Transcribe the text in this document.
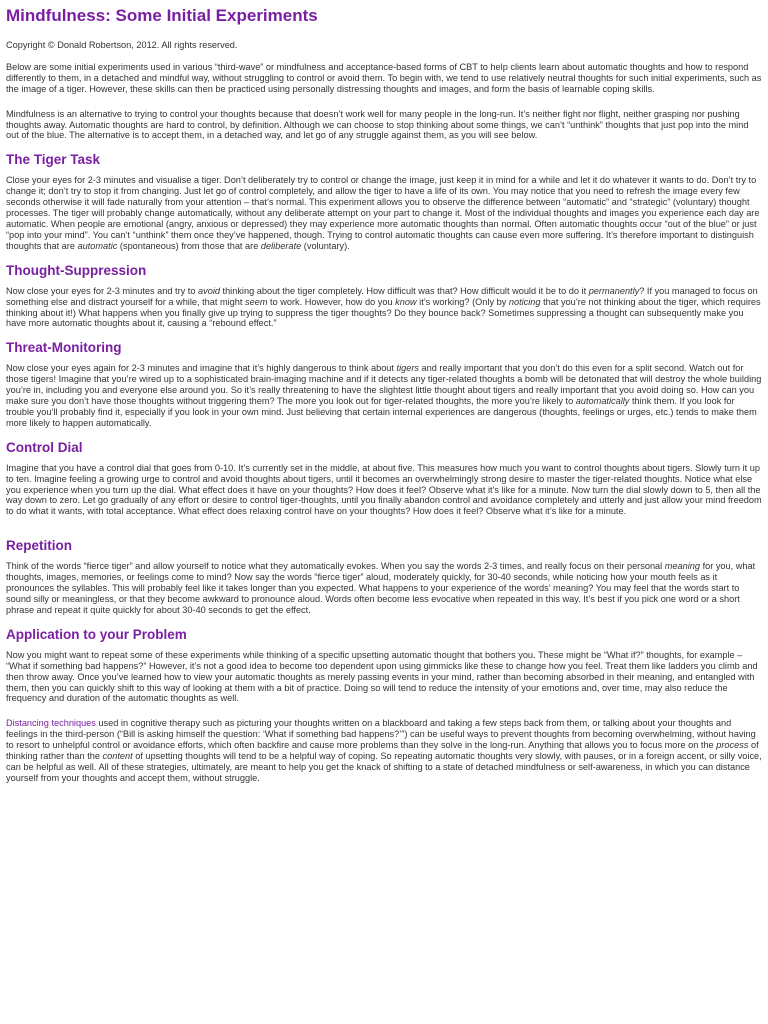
Mindfulness: Some Initial Experiments

Copyright © Donald Robertson, 2012. All rights reserved.

Below are some initial experiments used in various “third-wave” or mindfulness and acceptance-based forms of CBT to help clients learn about automatic thoughts and how to respond differently to them, in a detached and mindful way, without struggling to control or avoid them. To begin with, we tend to use relatively neutral thoughts for such initial experiments, such as the image of a tiger. However, these skills can then be practiced using personally distressing thoughts and images, and form the basis of learnable coping skills.

Mindfulness is an alternative to trying to control your thoughts because that doesn’t work well for many people in the long-run. It’s neither fight nor flight, neither grasping nor pushing thoughts away. Automatic thoughts are hard to control, by definition. Although we can choose to stop thinking about some things, we can’t “unthink” thoughts that just pop into the mind out of the blue. The alternative is to accept them, in a detached way, and let go of any struggle against them, as you will see below.

The Tiger Task

Close your eyes for 2-3 minutes and visualise a tiger. Don’t deliberately try to control or change the image, just keep it in mind for a while and let it do whatever it wants to do. Don’t try to change it; don’t try to stop it from changing. Just let go of control completely, and allow the tiger to have a life of its own. You may notice that you need to refresh the image every few seconds otherwise it will fade naturally from your attention – that’s normal. This experiment allows you to observe the difference between “automatic” and “strategic” (voluntary) thought processes. The tiger will probably change automatically, without any deliberate attempt on your part to change it. Most of the individual thoughts and images you experience each day are automatic. When people are emotional (angry, anxious or depressed) they may experience more automatic thoughts than normal. Often automatic thoughts occur “out of the blue” or just “pop into your mind”. You can’t “unthink” them once they’ve happened, though. Trying to control automatic thoughts can cause even more suffering. It’s therefore important to distinguish thoughts that are automatic (spontaneous) from those that are deliberate (voluntary).

Thought-Suppression

Now close your eyes for 2-3 minutes and try to avoid thinking about the tiger completely. How difficult was that? How difficult would it be to do it permanently? If you managed to focus on something else and distract yourself for a while, that might seem to work. However, how do you know it’s working? (Only by noticing that you’re not thinking about the tiger, which requires thinking about it!) What happens when you finally give up trying to suppress the tiger thoughts? Do they bounce back? Sometimes suppressing a thought can subsequently make you have more automatic thoughts about it, causing a “rebound effect.”

Threat-Monitoring

Now close your eyes again for 2-3 minutes and imagine that it’s highly dangerous to think about tigers and really important that you don’t do this even for a split second. Watch out for those tigers! Imagine that you’re wired up to a sophisticated brain-imaging machine and if it detects any tiger-related thoughts a bomb will be detonated that will destroy the whole building you’re in, including you and everyone else around you. So it’s really threatening to have the slightest little thought about tigers and really important that you avoid doing so. How can you make sure you don’t have those thoughts without triggering them? The more you look out for tiger-related thoughts, the more you’re likely to automatically think them. If you look for trouble you’ll probably find it, especially if you look in your own mind. Just believing that certain internal experiences are dangerous (thoughts, feelings or urges, etc.) tends to make them more likely to happen automatically.

Control Dial

Imagine that you have a control dial that goes from 0-10. It’s currently set in the middle, at about five. This measures how much you want to control thoughts about tigers. Slowly turn it up to ten. Imagine feeling a growing urge to control and avoid thoughts about tigers, until it becomes an overwhelmingly strong desire to master the tiger-related thoughts. Notice what else you experience when you turn up the dial. What effect does it have on your thoughts? How does it feel? Observe what it’s like for a minute. Now turn the dial slowly down to 5, then all the way down to zero. Let go gradually of any effort or desire to control tiger-thoughts, until you finally abandon control and avoidance completely and utterly and just allow your mind freedom to do what it wants, with total acceptance. What effect does relaxing control have on your thoughts? How does it feel? Observe what it’s like for a minute.

Repetition

Think of the words “fierce tiger” and allow yourself to notice what they automatically evokes. When you say the words 2-3 times, and really focus on their personal meaning for you, what thoughts, images, memories, or feelings come to mind? Now say the words “fierce tiger” aloud, moderately quickly, for 30-40 seconds, while noticing how your mouth feels as it pronounces the syllables. This will probably feel like it takes longer than you expected. What happens to your experience of the words’ meaning? You may feel that the words start to sound silly or meaningless, or that they become awkward to pronounce aloud. Words often become less evocative when repeated in this way. It’s best if you pick one word or a short phrase and repeat it quite quickly for about 30-40 seconds to get the effect.

Application to your Problem

Now you might want to repeat some of these experiments while thinking of a specific upsetting automatic thought that bothers you. These might be “What if?” thoughts, for example – “What if something bad happens?” However, it’s not a good idea to become too dependent upon using gimmicks like these to change how you feel. Treat them like ladders you climb and then throw away. Once you’ve learned how to view your automatic thoughts as merely passing events in your mind, rather than becoming absorbed in their meaning, and entangled with them, then you can quickly shift to this way of looking at them with a bit of practice. Doing so will tend to reduce the intensity of your emotions and, over time, may also reduce the frequency and duration of the automatic thoughts as well.

Distancing techniques used in cognitive therapy such as picturing your thoughts written on a blackboard and taking a few steps back from them, or talking about your thoughts and feelings in the third-person (“Bill is asking himself the question: ‘What if something bad happens?’”) can be useful ways to prevent thoughts from becoming overwhelming, without having to resort to unhelpful control or avoidance efforts, which often backfire and cause more problems than they solve in the long-run. Anything that allows you to focus more on the process of thinking rather than the content of upsetting thoughts will tend to be a helpful way of coping. So repeating automatic thoughts very slowly, with pauses, or in a foreign accent, or silly voice, can be helpful as well. All of these strategies, ultimately, are meant to help you get the knack of shifting to a state of detached mindfulness or self-awareness, in which you can distance yourself from your thoughts and accept them, without struggle.
